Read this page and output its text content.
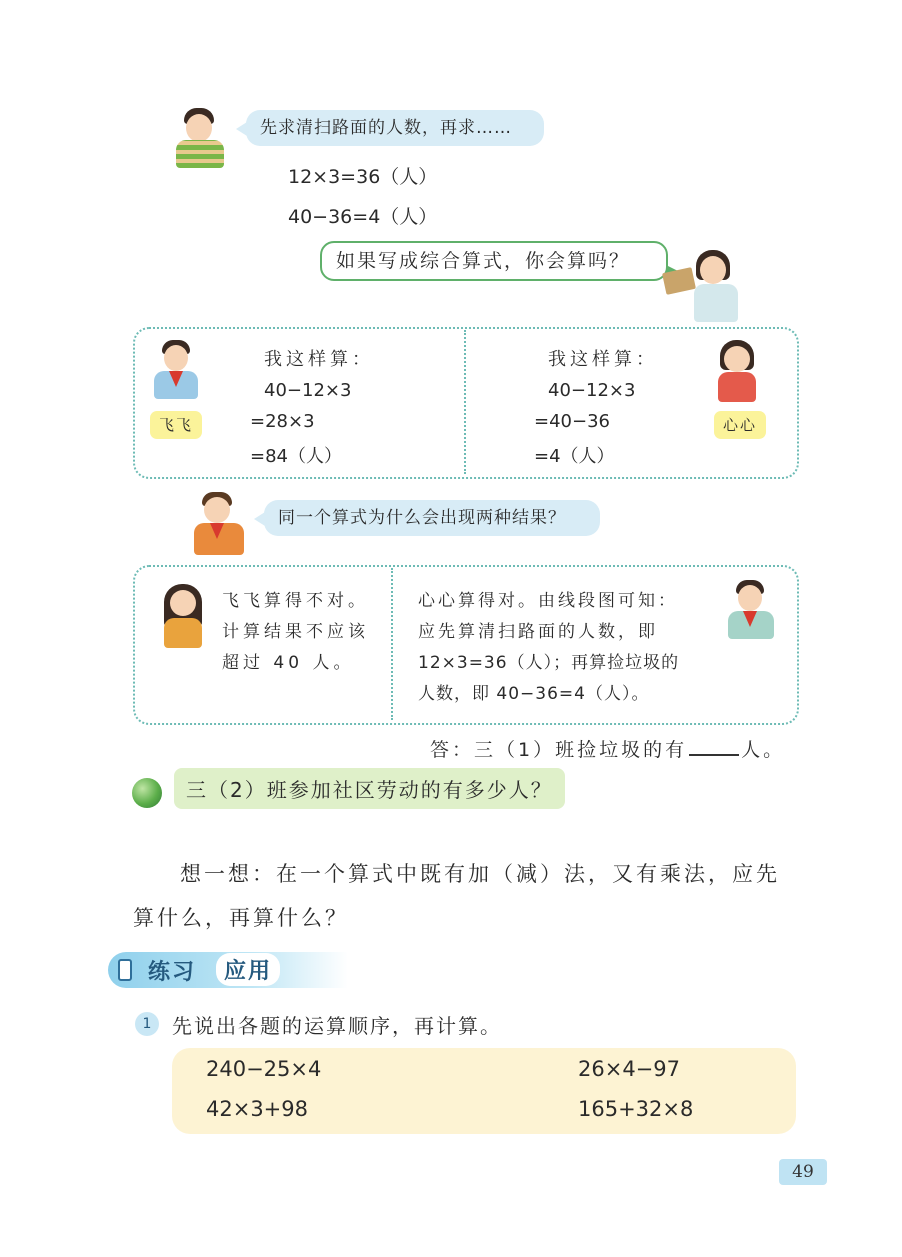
先求清扫路面的人数，再求……
12×3=36（人）
40−36=4（人）
如果写成综合算式，你会算吗？
飞飞
我这样算：
40−12×3
=28×3
=84（人）
我这样算：
40−12×3
=40−36
=4（人）
心心
同一个算式为什么会出现两种结果？
飞飞算得不对。
计算结果不应该
超过 40 人。
心心算得对。由线段图可知：
应先算清扫路面的人数，即
12×3=36（人）；再算捡垃圾的
人数，即 40−36=4（人）。
答：三（1）班捡垃圾的有	人。
三（2）班参加社区劳动的有多少人？
想一想：在一个算式中既有加（减）法，又有乘法，应先
算什么，再算什么？
练习	应用
1	先说出各题的运算顺序，再计算。
240−25×4	26×4−97
42×3+98	165+32×8
49
